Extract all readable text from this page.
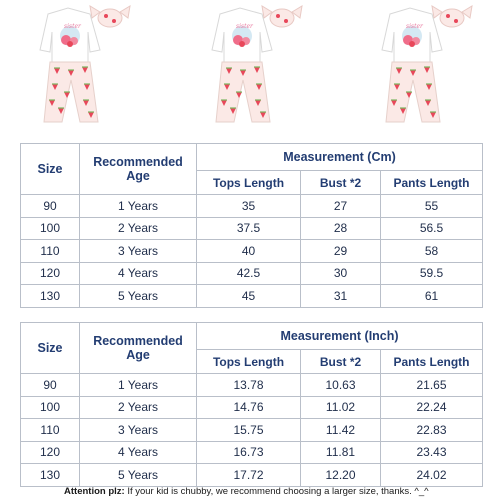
Size	Recommended Age	Measurement (Cm)		
		Tops Length	Bust *2	Pants Length
90	1 Years	35	27	55
100	2 Years	37.5	28	56.5
110	3 Years	40	29	58
120	4 Years	42.5	30	59.5
130	5 Years	45	31	61
Size	Recommended Age	Measurement (Inch)		
		Tops Length	Bust *2	Pants Length
90	1 Years	13.78	10.63	21.65
100	2 Years	14.76	11.02	22.24
110	3 Years	15.75	11.42	22.83
120	4 Years	16.73	11.81	23.43
130	5 Years	17.72	12.20	24.02
Attention plz: If your kid is chubby, we recommend choosing a larger size, thanks. ^_^
